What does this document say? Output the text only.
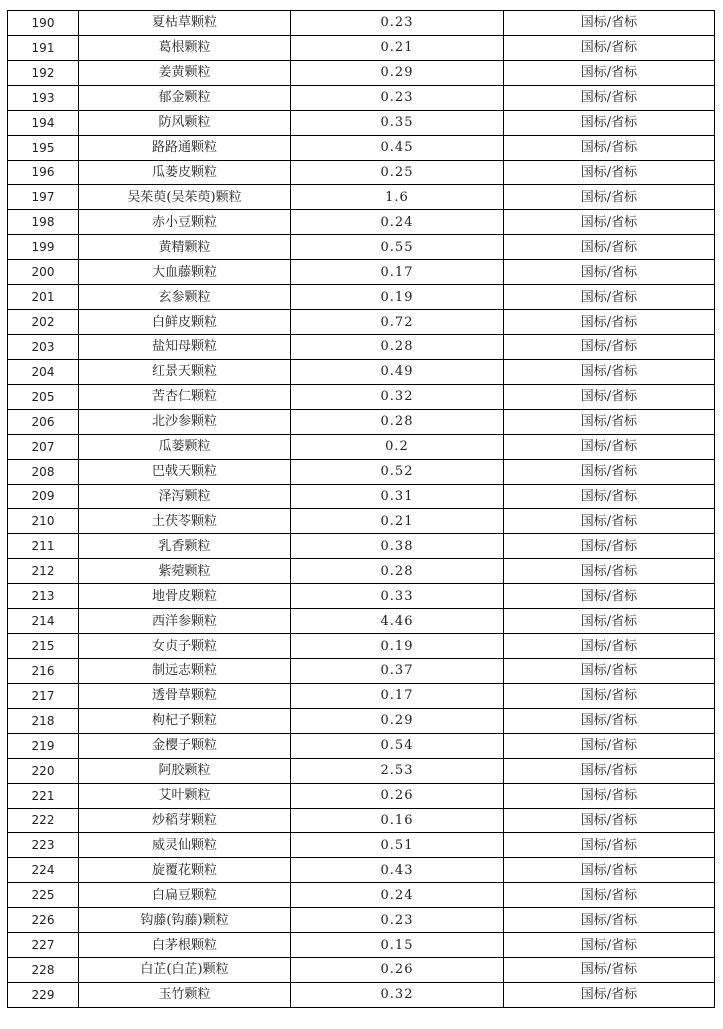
190	夏枯草颗粒	0.23	国标/省标
191	葛根颗粒	0.21	国标/省标
192	姜黄颗粒	0.29	国标/省标
193	郁金颗粒	0.23	国标/省标
194	防风颗粒	0.35	国标/省标
195	路路通颗粒	0.45	国标/省标
196	瓜蒌皮颗粒	0.25	国标/省标
197	吴茱萸(吴茱萸)颗粒	1.6	国标/省标
198	赤小豆颗粒	0.24	国标/省标
199	黄精颗粒	0.55	国标/省标
200	大血藤颗粒	0.17	国标/省标
201	玄参颗粒	0.19	国标/省标
202	白鲜皮颗粒	0.72	国标/省标
203	盐知母颗粒	0.28	国标/省标
204	红景天颗粒	0.49	国标/省标
205	苦杏仁颗粒	0.32	国标/省标
206	北沙参颗粒	0.28	国标/省标
207	瓜蒌颗粒	0.2	国标/省标
208	巴戟天颗粒	0.52	国标/省标
209	泽泻颗粒	0.31	国标/省标
210	土茯苓颗粒	0.21	国标/省标
211	乳香颗粒	0.38	国标/省标
212	紫菀颗粒	0.28	国标/省标
213	地骨皮颗粒	0.33	国标/省标
214	西洋参颗粒	4.46	国标/省标
215	女贞子颗粒	0.19	国标/省标
216	制远志颗粒	0.37	国标/省标
217	透骨草颗粒	0.17	国标/省标
218	枸杞子颗粒	0.29	国标/省标
219	金樱子颗粒	0.54	国标/省标
220	阿胶颗粒	2.53	国标/省标
221	艾叶颗粒	0.26	国标/省标
222	炒稻芽颗粒	0.16	国标/省标
223	威灵仙颗粒	0.51	国标/省标
224	旋覆花颗粒	0.43	国标/省标
225	白扁豆颗粒	0.24	国标/省标
226	钩藤(钩藤)颗粒	0.23	国标/省标
227	白茅根颗粒	0.15	国标/省标
228	白芷(白芷)颗粒	0.26	国标/省标
229	玉竹颗粒	0.32	国标/省标
